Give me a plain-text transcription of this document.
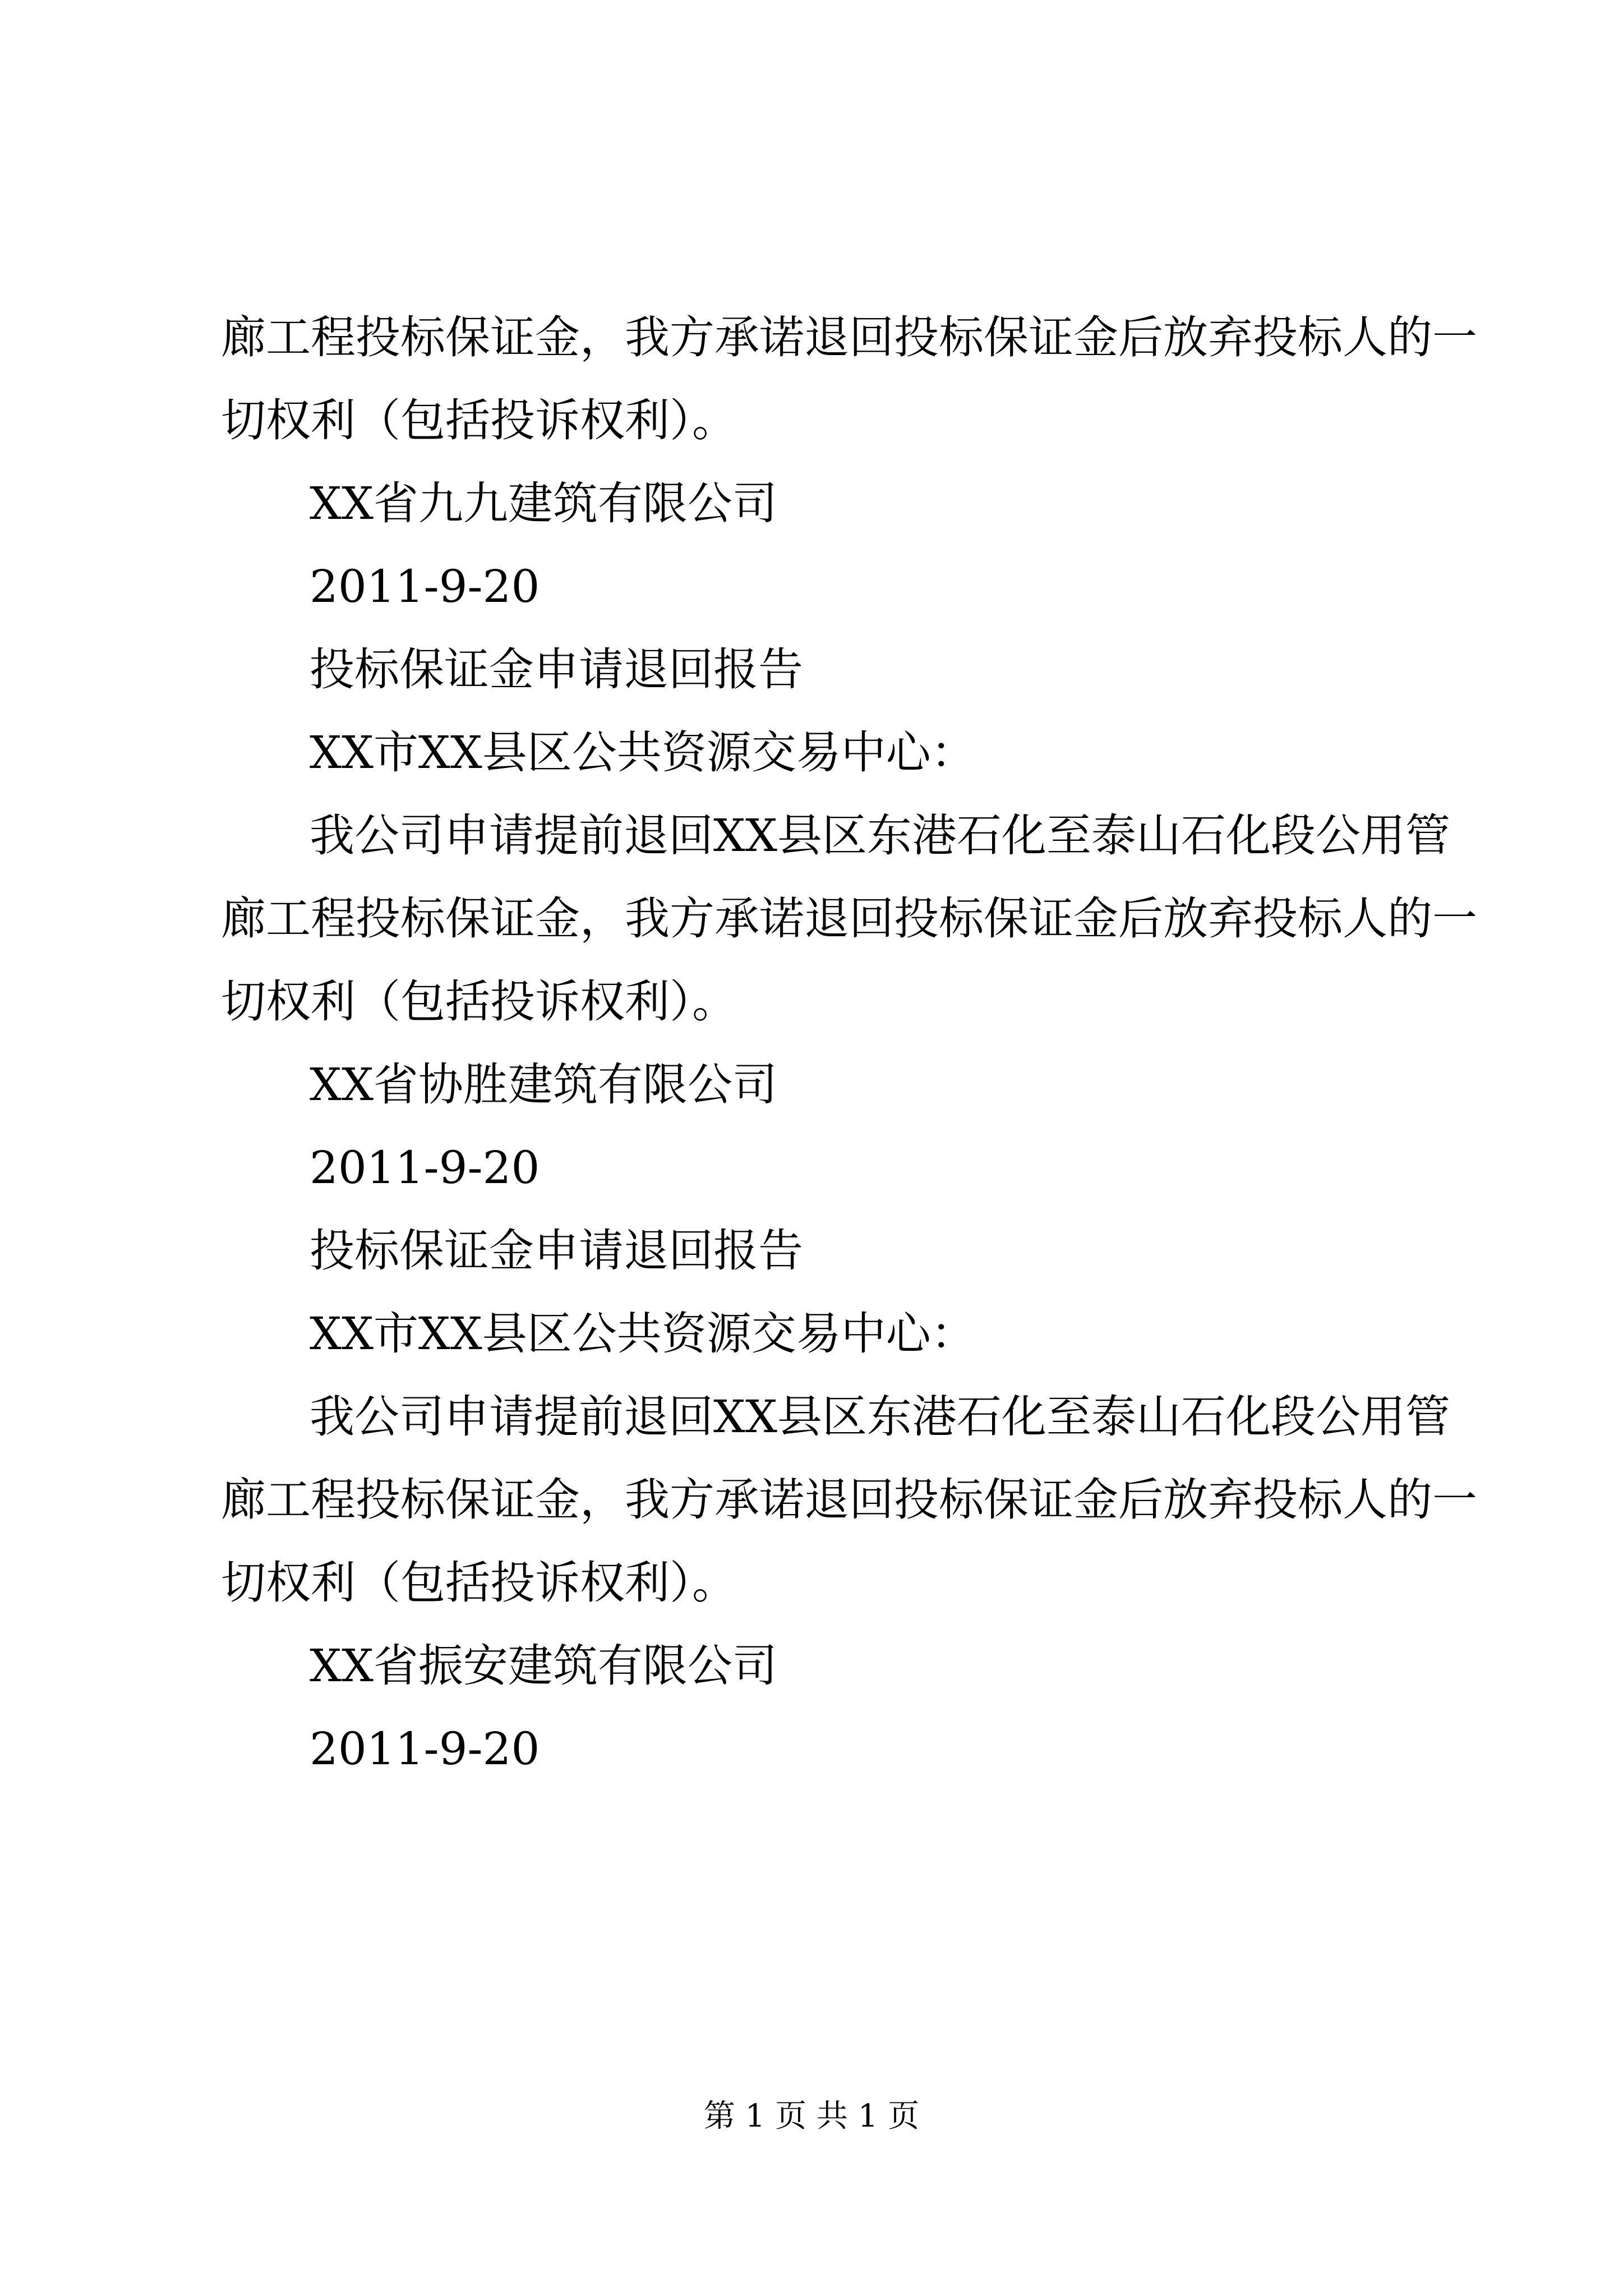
廊工程投标保证金，我方承诺退回投标保证金后放弃投标人的一
切权利（包括投诉权利）。
XX省九九建筑有限公司
2011-9-20
投标保证金申请退回报告
XX市XX县区公共资源交易中心：
我公司申请提前退回XX县区东港石化至泰山石化段公用管
廊工程投标保证金，我方承诺退回投标保证金后放弃投标人的一
切权利（包括投诉权利）。
XX省协胜建筑有限公司
2011-9-20
投标保证金申请退回报告
XX市XX县区公共资源交易中心：
我公司申请提前退回XX县区东港石化至泰山石化段公用管
廊工程投标保证金，我方承诺退回投标保证金后放弃投标人的一
切权利（包括投诉权利）。
XX省振安建筑有限公司
2011-9-20
第 1 页 共 1 页
